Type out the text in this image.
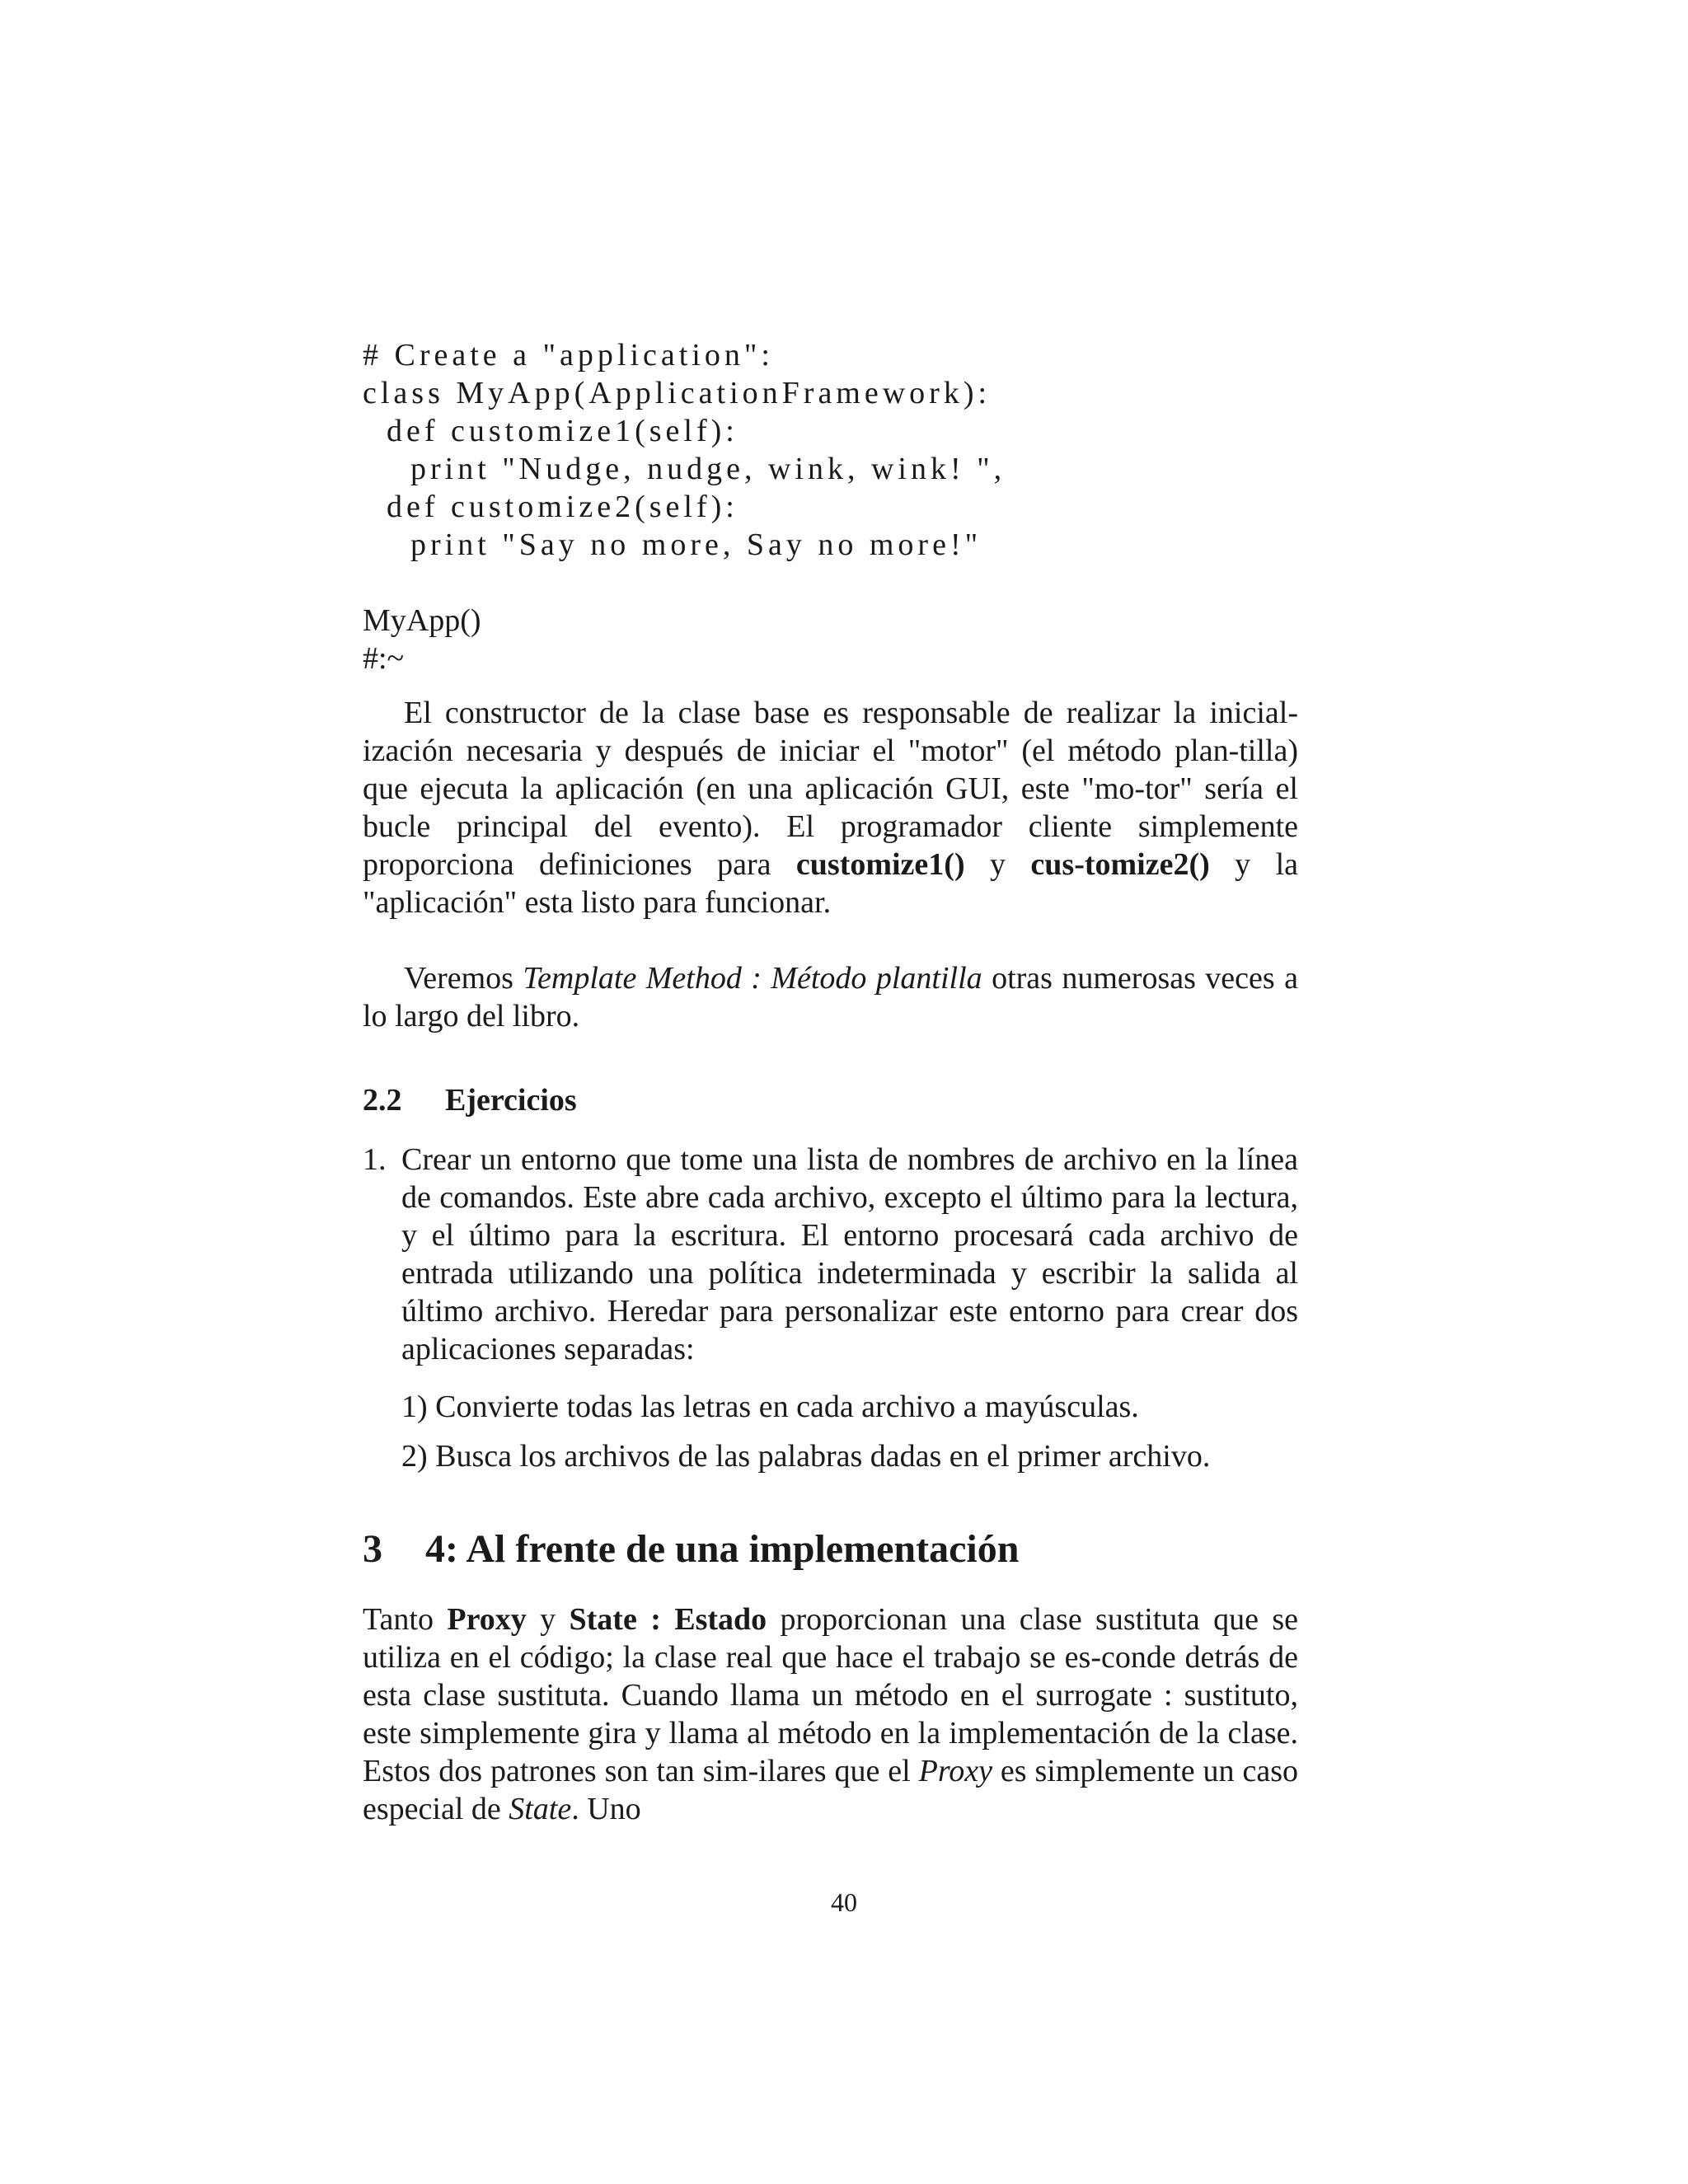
# Create a "application":
class MyApp(ApplicationFramework):
def customize1(self):
print "Nudge, nudge, wink, wink! ",
def customize2(self):
print "Say no more, Say no more!"
MyApp()
#:~

El constructor de la clase base es responsable de realizar la inicial-ización necesaria y después de iniciar el "motor" (el método plan-tilla) que ejecuta la aplicación (en una aplicación GUI, este "mo-tor" sería el bucle principal del evento). El programador cliente simplemente proporciona definiciones para customize1() y cus-tomize2() y la "aplicación" esta listo para funcionar.

Veremos Template Method : Método plantilla otras numerosas veces a lo largo del libro.

2.2 Ejercicios
1. Crear un entorno que tome una lista de nombres de archivo en la línea de comandos. Este abre cada archivo, excepto el último para la lectura, y el último para la escritura. El entorno procesará cada archivo de entrada utilizando una política indeterminada y escribir la salida al último archivo. Heredar para personalizar este entorno para crear dos aplicaciones separadas:
1) Convierte todas las letras en cada archivo a mayúsculas.
2) Busca los archivos de las palabras dadas en el primer archivo.
3 4: Al frente de una implementación

Tanto Proxy y State : Estado proporcionan una clase sustituta que se utiliza en el código; la clase real que hace el trabajo se es-conde detrás de esta clase sustituta. Cuando llama un método en el surrogate : sustituto, este simplemente gira y llama al método en la implementación de la clase. Estos dos patrones son tan sim-ilares que el Proxy es simplemente un caso especial de State. Uno

40
